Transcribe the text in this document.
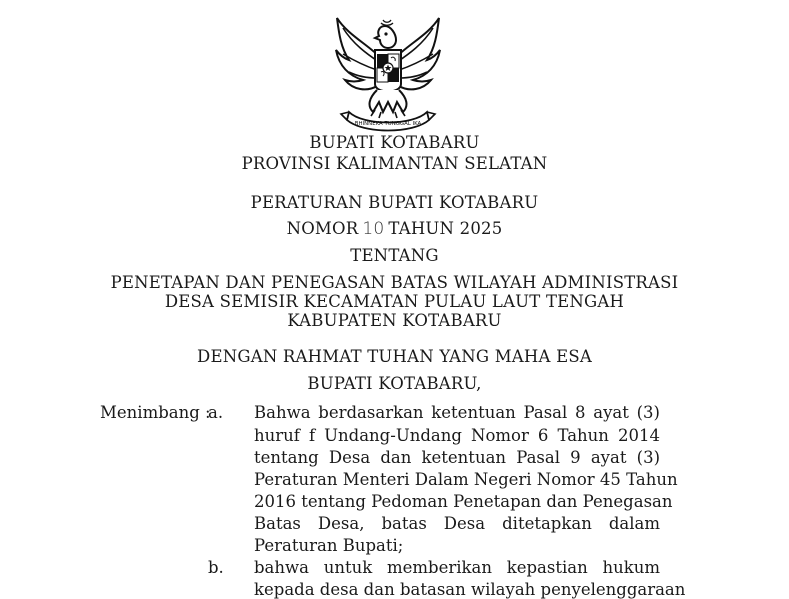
BHINNEKA TUNGGAL IKA
BUPATI KOTABARU
PROVINSI KALIMANTAN SELATAN
PERATURAN BUPATI KOTABARU
NOMOR 10 TAHUN 2025
TENTANG
PENETAPAN DAN PENEGASAN BATAS WILAYAH ADMINISTRASI
DESA SEMISIR KECAMATAN PULAU LAUT TENGAH
KABUPATEN KOTABARU
DENGAN RAHMAT TUHAN YANG MAHA ESA
BUPATI KOTABARU,
Menimbang :
a. Bahwa berdasarkan ketentuan Pasal 8 ayat (3)
huruf f Undang-Undang Nomor 6 Tahun 2014
tentang Desa dan ketentuan Pasal 9 ayat (3)
Peraturan Menteri Dalam Negeri Nomor 45 Tahun
2016 tentang Pedoman Penetapan dan Penegasan
Batas Desa, batas Desa ditetapkan dalam
Peraturan Bupati;
b. bahwa untuk memberikan kepastian hukum
kepada desa dan batasan wilayah penyelenggaraan
